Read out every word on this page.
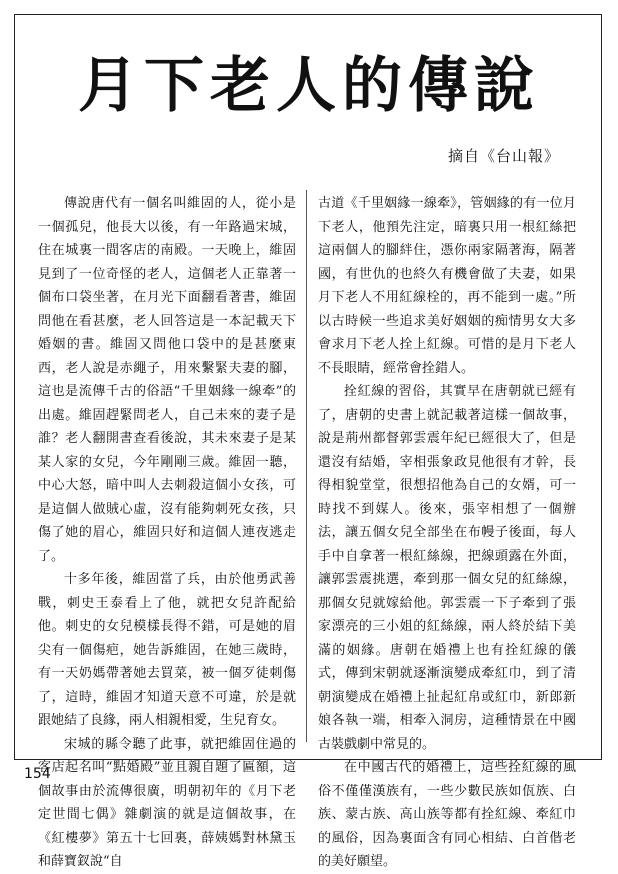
月下老人的傳說
摘自《台山報》

傳說唐代有一個名叫維固的人，從小是一個孤兒，他長大以後，有一年路過宋城，住在城裏一間客店的南殿。一天晚上，維固見到了一位奇怪的老人，這個老人正靠著一個布口袋坐著，在月光下面翻看著書，維固問他在看甚麼，老人回答這是一本記載天下婚姻的書。維固又問他口袋中的是甚麼東西，老人說是赤繩子，用來繫緊夫妻的腳，這也是流傳千古的俗語“千里姻緣一線牽”的出處。維固趕緊問老人，自己未來的妻子是誰？老人翻開書查看後說，其未來妻子是某某人家的女兒，今年剛剛三歲。維固一聽，中心大怒，暗中叫人去刺殺這個小女孩，可是這個人做賊心虛，沒有能夠刺死女孩，只傷了她的眉心，維固只好和這個人連夜逃走了。

十多年後，維固當了兵，由於他勇武善戰，刺史王泰看上了他，就把女兒許配給他。刺史的女兒模樣長得不錯，可是她的眉尖有一個傷疤，她告訴維固，在她三歲時，有一天奶媽帶著她去買菜，被一個歹徒刺傷了，這時，維固才知道天意不可違，於是就跟她結了良緣，兩人相親相愛，生兒育女。

宋城的縣令聽了此事，就把維固住過的客店起名叫“點婚殿”並且親自題了匾額，這個故事由於流傳很廣，明朝初年的《月下老定世間七偶》雜劇演的就是這個故事，在《紅樓夢》第五十七回裏，薛姨媽對林黛玉和薛寶釵說“自

古道《千里姻緣一線牽》，管姻緣的有一位月下老人，他預先注定，暗裏只用一根紅絲把這兩個人的腳絆住，憑你兩家隔著海，隔著國，有世仇的也終久有機會做了夫妻，如果月下老人不用紅線栓的，再不能到一處。”所以古時候一些追求美好姻姻的痴情男女大多會求月下老人拴上紅線。可惜的是月下老人不長眼睛，經常會拴錯人。

拴紅線的習俗，其實早在唐朝就已經有了，唐朝的史書上就記載著這樣一個故事，說是荊州都督郭雲震年紀已經很大了，但是還沒有結婚，宰相張象政見他很有才幹，長得相貌堂堂，很想招他為自己的女婿，可一時找不到媒人。後來，張宰相想了一個辦法，讓五個女兒全部坐在布幔子後面，每人手中自拿著一根紅絲線，把線頭露在外面，讓郭雲震挑選，牽到那一個女兒的紅絲線，那個女兒就嫁給他。郭雲震一下子牽到了張家漂亮的三小姐的紅絲線，兩人終於結下美滿的姻緣。唐朝在婚禮上也有拴紅線的儀式，傳到宋朝就逐漸演變成牽紅巾，到了清朝演變成在婚禮上扯起紅帛或紅巾，新郎新娘各執一端，相牽入洞房，這種情景在中國古裝戲劇中常見的。

在中國古代的婚禮上，這些拴紅線的風俗不僅僅漢族有，一些少數民族如佤族、白族、蒙古族、高山族等都有拴紅線、牽紅巾的風俗，因為裏面含有同心相結、白首偕老的美好願望。

154
